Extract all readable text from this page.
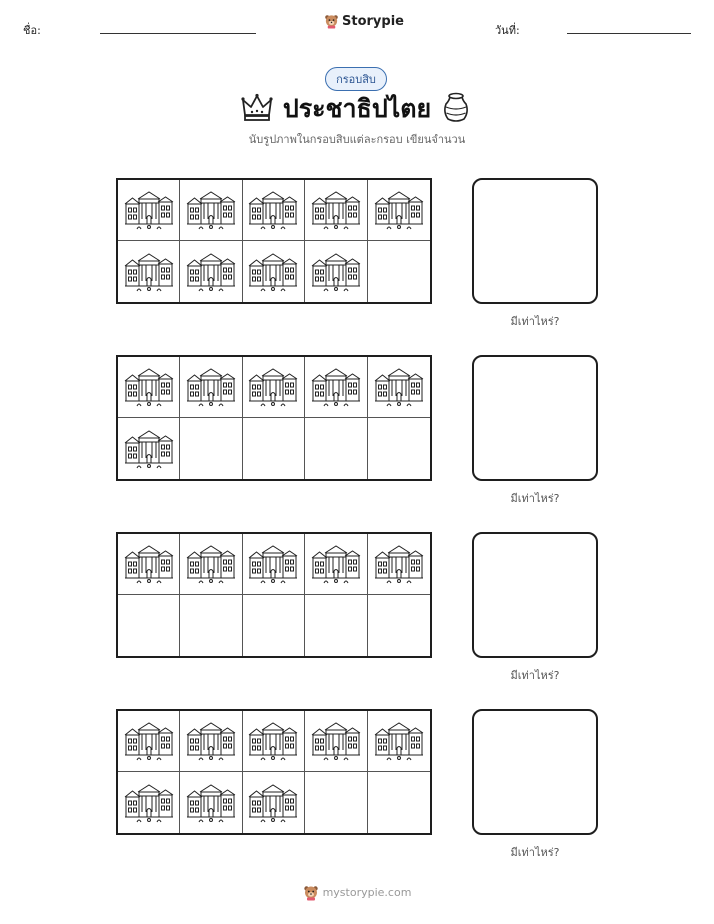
ชื่อ:
Storypie
วันที่:
กรอบสิบ
ประชาธิปไตย
นับรูปภาพในกรอบสิบแต่ละกรอบ เขียนจำนวน
มีเท่าไหร่?
มีเท่าไหร่?
มีเท่าไหร่?
มีเท่าไหร่?
mystorypie.com
